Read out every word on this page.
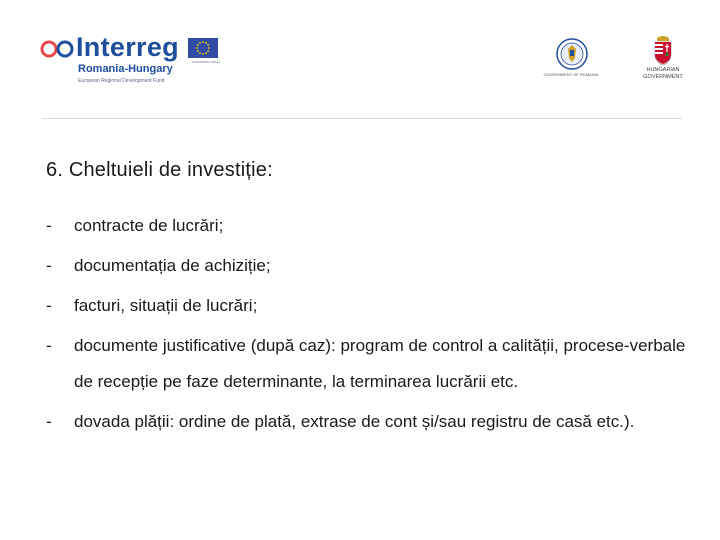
Interreg	EUROPEAN UNION
Romania-Hungary
European Regional Development Fund
GOVERNMENT OF ROMANIA
HUNGARIAN
GOVERNMENT
6. Cheltuieli de investiție:
- contracte de lucrări;
- documentația de achiziție;
- facturi, situații de lucrări;
- documente justificative (după caz): program de control a calității, procese-verbale de recepție pe faze determinante, la terminarea lucrării etc.
- dovada plății: ordine de plată, extrase de cont și/sau registru de casă etc.).
